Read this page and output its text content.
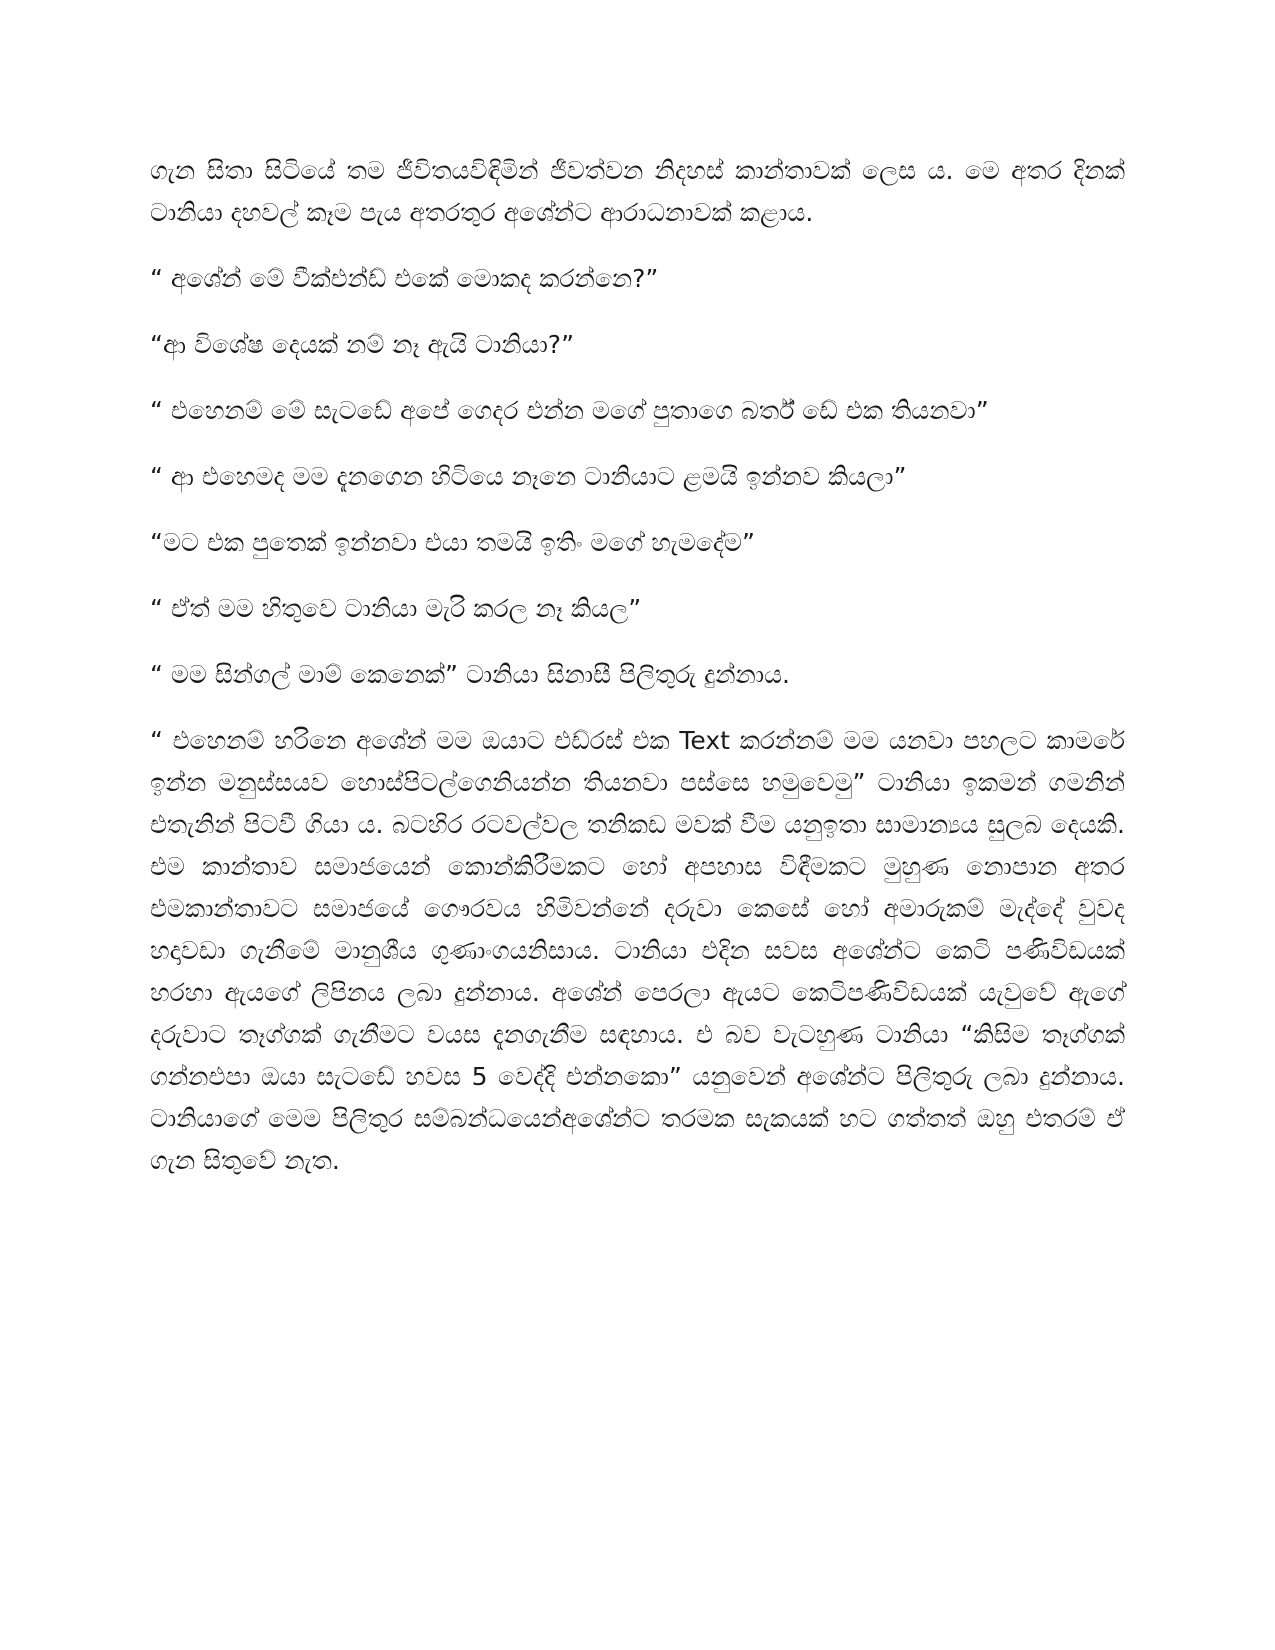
ගැන සිතා සිටියේ තම ජීවිතයවිඳිමින් ජීවත්වන නිදහස් කාන්තාවක් ලෙස ය. මෙ අතර දිනක් ටානියා දහවල් කෑම පැය අතරතුර අශේන්ට ආරාධනාවක් කළාය.

“ අශේන් මේ වීක්එන්ඩ් එකේ මොකද කරන්නෙ?”

“ආ විශේෂ දෙයක් නම් නෑ ඇයි ටානියා?”

“ එහෙනම් මේ සැටඩේ අපේ ගෙදර එන්න මගේ පුතාගෙ බර්ත් ඩේ එක තියනවා”

“ ආ එහෙමද මම දැනගෙන හිටියෙ නෑනෙ ටානියාට ළමයි ඉන්නව කියලා”

“මට එක පුතෙක් ඉන්නවා එයා තමයි ඉතිං මගේ හැමදේම”

“ ඒත් මම හිතුවෙ ටානියා මැරි කරල නෑ කියල”

“ මම සින්ගල් මාම් කෙනෙක්” ටානියා සිනාසී පිලිතුරු දුන්නාය.

“ එහෙනම් හරිනෙ අශේන් මම ඔයාට එඩ්රස් එක Text කරන්නම් මම යනවා පහලට කාමරේ ඉන්න මනුස්සයව හොස්පිටල්ගෙනියන්න තියනවා පස්සෙ හමුවෙමු” ටානියා ඉකමන් ගමනින් එතැනින් පිටවී ගියා ය. බටහිර රටවල්වල තනිකඩ මවක් වීම යනුඉතා සාමාන්‍යය සුලබ දෙයකි. එම කාන්තාව සමාජයෙන් කොන්කිරීමකට හෝ අපහාස විඳීමකට මුහුණ නොපාන අතර එමකාන්තාවට සමාජයේ ගෞරවය හිමිවන්නේ දරුවා කෙසේ හෝ අමාරුකම් මැද්දේ වුවද හදාවඩා ගැනීමේ මානුශීය ගුණාංගයනිසාය. ටානියා එදින සවස අශේන්ට කෙටි පණිවිඩයක් හරහා ඇයගේ ලිපිනය ලබා දුන්නාය. අශේන් පෙරලා ඇයට කෙටිපණිවිඩයක් යැවුවේ ඇගේ දරුවාට තෑග්ගක් ගැනීමට වයස දැනගැනීම සඳහාය. එ බව වැටහුණ ටානියා “කිසිම තෑග්ගක් ගන්නඑපා ඔයා සැටඩේ හවස 5 වෙද්දි එන්නකො” යනුවෙන් අශේන්ට පිලිතුරු ලබා දුන්නාය. ටානියාගේ මෙම පිලිතුර සම්බන්ධයෙන්අශේන්ට තරමක සැකයක් හට ගත්තත් ඔහු එතරම් ඒ ගැන සිතුවේ නැත.
